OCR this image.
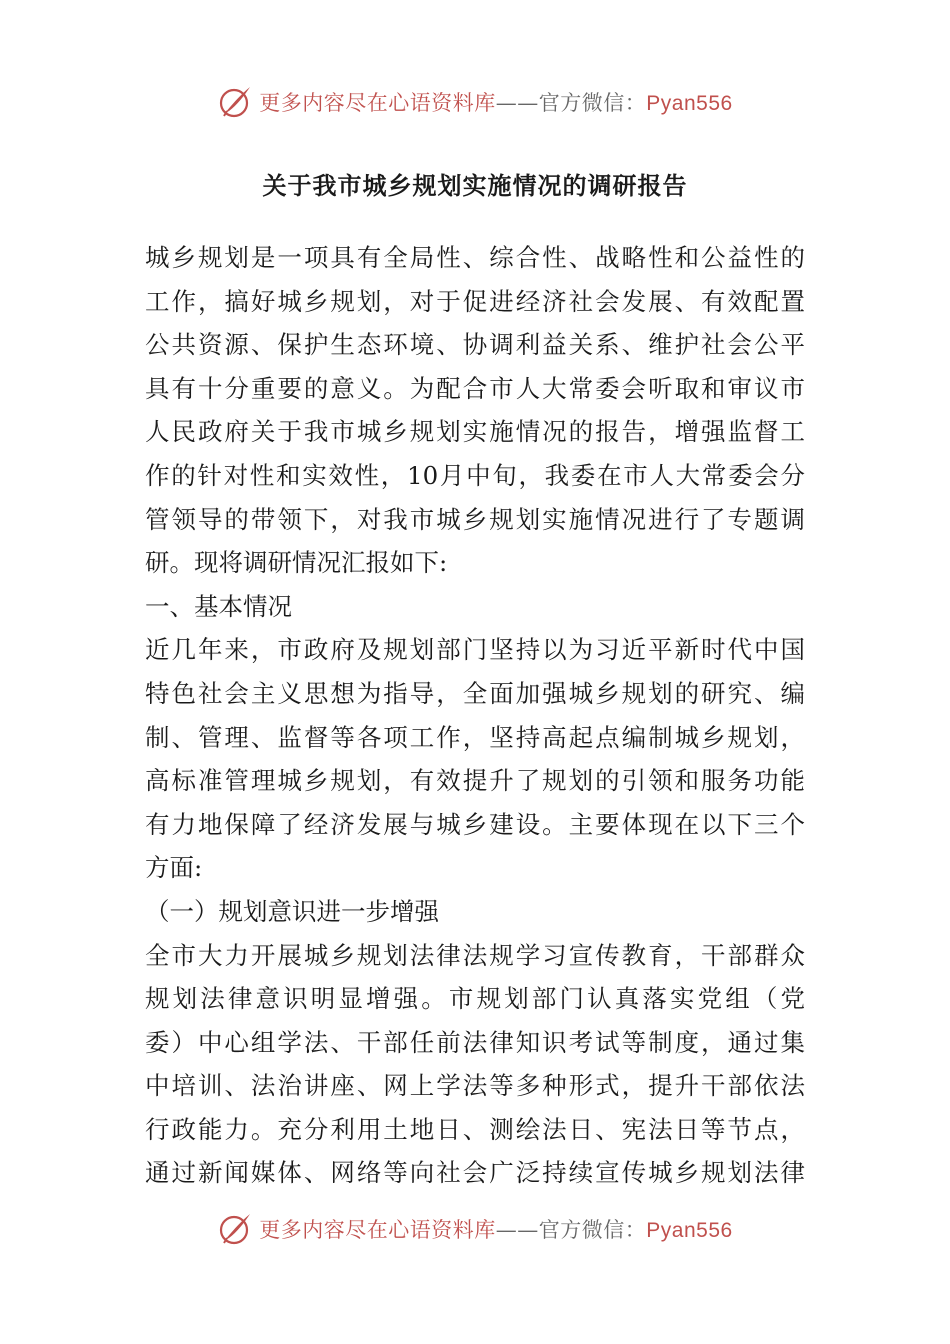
更多内容尽在心语资料库——官方微信：Pyan556
关于我市城乡规划实施情况的调研报告
城乡规划是一项具有全局性、综合性、战略性和公益性的
工作，搞好城乡规划，对于促进经济社会发展、有效配置
公共资源、保护生态环境、协调利益关系、维护社会公平
具有十分重要的意义。为配合市人大常委会听取和审议市
人民政府关于我市城乡规划实施情况的报告，增强监督工
作的针对性和实效性，10月中旬，我委在市人大常委会分
管领导的带领下，对我市城乡规划实施情况进行了专题调
研。现将调研情况汇报如下:
一、基本情况
近几年来，市政府及规划部门坚持以为习近平新时代中国
特色社会主义思想为指导，全面加强城乡规划的研究、编
制、管理、监督等各项工作，坚持高起点编制城乡规划，
高标准管理城乡规划，有效提升了规划的引领和服务功能
有力地保障了经济发展与城乡建设。主要体现在以下三个
方面:
（一）规划意识进一步增强
全市大力开展城乡规划法律法规学习宣传教育，干部群众
规划法律意识明显增强。市规划部门认真落实党组（党
委）中心组学法、干部任前法律知识考试等制度，通过集
中培训、法治讲座、网上学法等多种形式，提升干部依法
行政能力。充分利用土地日、测绘法日、宪法日等节点，
通过新闻媒体、网络等向社会广泛持续宣传城乡规划法律
更多内容尽在心语资料库——官方微信：Pyan556
